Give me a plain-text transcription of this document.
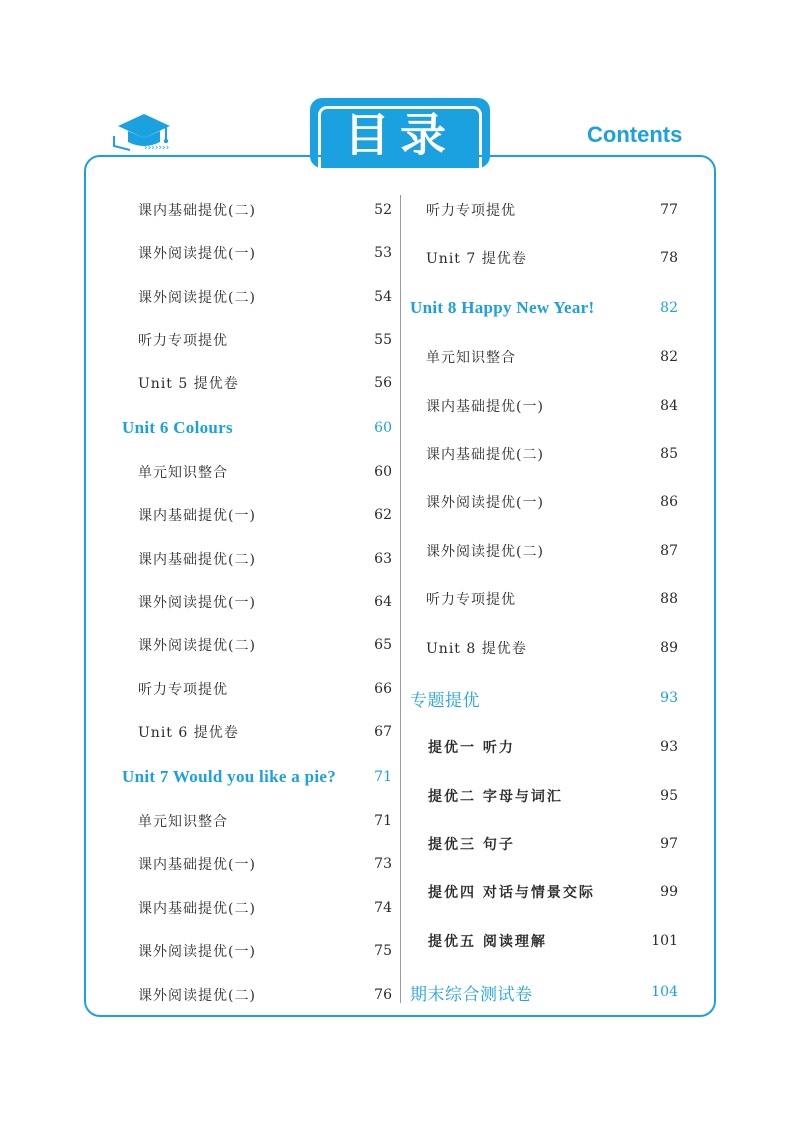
›››››››	目录	Contents
课内基础提优(二)	52
课外阅读提优(一)	53
课外阅读提优(二)	54
听力专项提优	55
Unit 5 提优卷	56
Unit 6 Colours	60
单元知识整合	60
课内基础提优(一)	62
课内基础提优(二)	63
课外阅读提优(一)	64
课外阅读提优(二)	65
听力专项提优	66
Unit 6 提优卷	67
Unit 7 Would you like a pie?	71
单元知识整合	71
课内基础提优(一)	73
课内基础提优(二)	74
课外阅读提优(一)	75
课外阅读提优(二)	76
听力专项提优	77
Unit 7 提优卷	78
Unit 8 Happy New Year!	82
单元知识整合	82
课内基础提优(一)	84
课内基础提优(二)	85
课外阅读提优(一)	86
课外阅读提优(二)	87
听力专项提优	88
Unit 8 提优卷	89
专题提优	93
提优一 听力	93
提优二 字母与词汇	95
提优三 句子	97
提优四 对话与情景交际	99
提优五 阅读理解	101
期末综合测试卷	104
